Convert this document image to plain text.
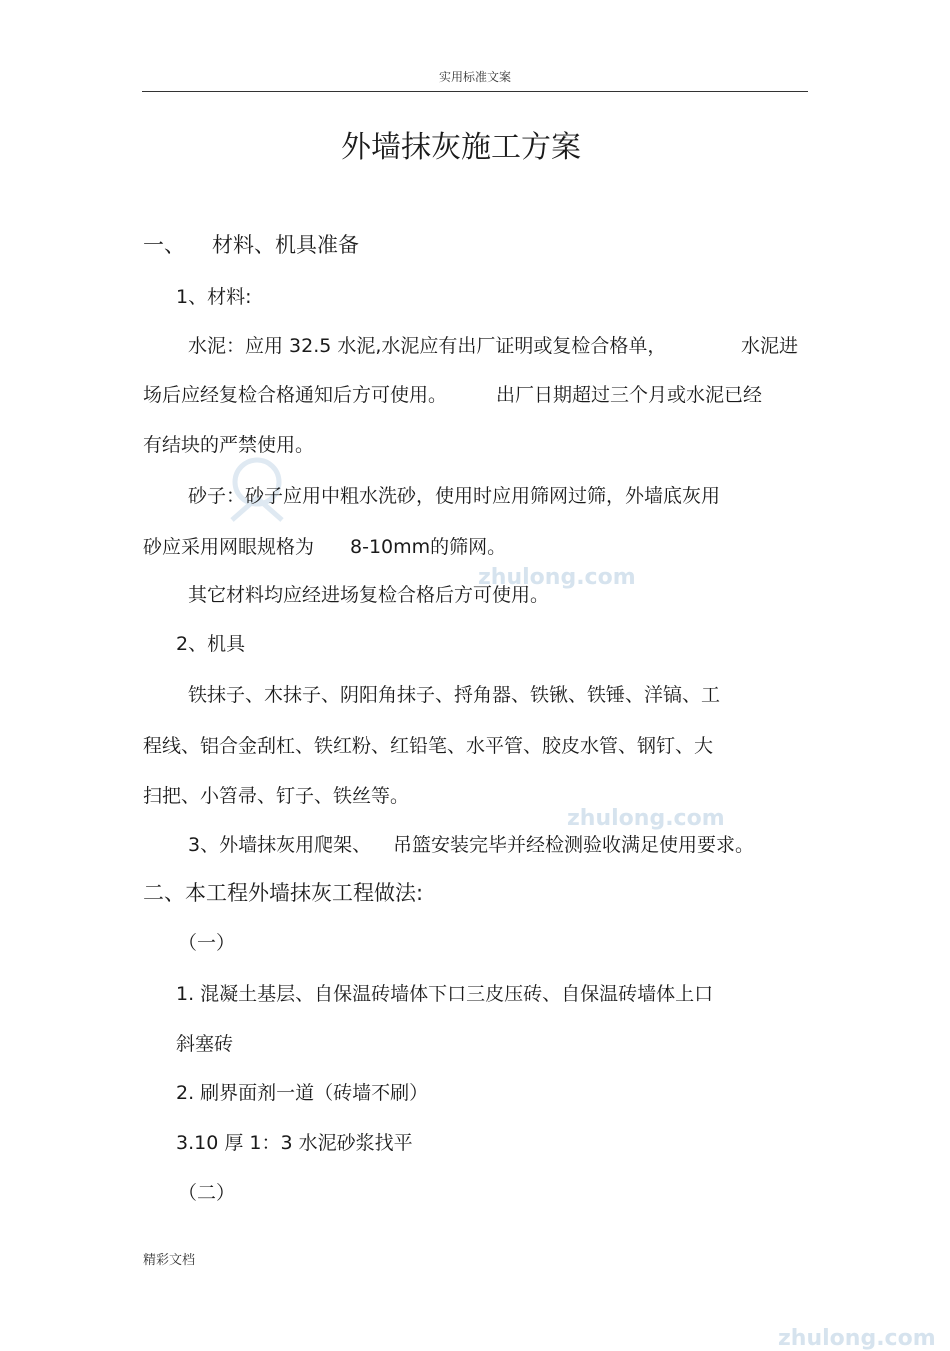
实用标准文案
zhulong.com
zhulong.com
zhulong.com
外墙抹灰施工方案
一、 材料、机具准备
1、材料:
水泥：应用 32.5 水泥,水泥应有出厂证明或复检合格单，	水泥进
场后应经复检合格通知后方可使用。	出厂日期超过三个月或水泥已经
有结块的严禁使用。
砂子：砂子应用中粗水洗砂，使用时应用筛网过筛，外墙底灰用
砂应采用网眼规格为 8-10mm的筛网。
其它材料均应经进场复检合格后方可使用。
2、机具
铁抹子、木抹子、阴阳角抹子、捋角器、铁锹、铁锤、洋镐、工
程线、铝合金刮杠、铁红粉、红铅笔、水平管、胶皮水管、钢钉、大
扫把、小笤帚、钉子、铁丝等。
3、外墙抹灰用爬架、 吊篮安装完毕并经检测验收满足使用要求。
二、本工程外墙抹灰工程做法:
（一）
1. 混凝土基层、自保温砖墙体下口三皮压砖、自保温砖墙体上口
斜塞砖
2. 刷界面剂一道（砖墙不刷）
3.10 厚 1：3 水泥砂浆找平
（二）
精彩文档
